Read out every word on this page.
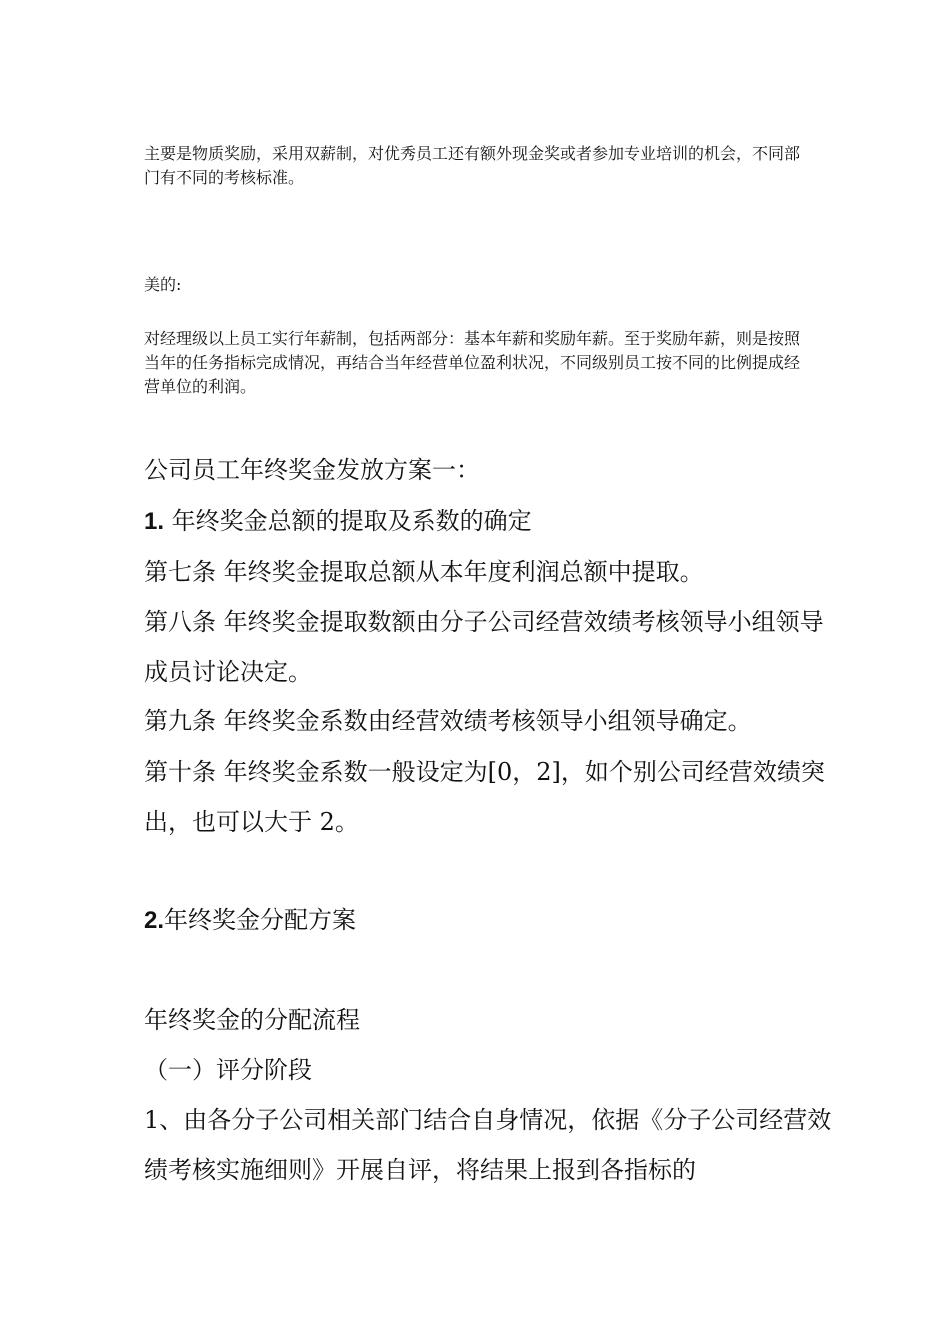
主要是物质奖励，采用双薪制，对优秀员工还有额外现金奖或者参加专业培训的机会，不同部门有不同的考核标准。

美的:

对经理级以上员工实行年薪制，包括两部分：基本年薪和奖励年薪。至于奖励年薪，则是按照当年的任务指标完成情况，再结合当年经营单位盈利状况，不同级别员工按不同的比例提成经营单位的利润。

公司员工年终奖金发放方案一：

1. 年终奖金总额的提取及系数的确定

第七条 年终奖金提取总额从本年度利润总额中提取。

第八条 年终奖金提取数额由分子公司经营效绩考核领导小组领导成员讨论决定。

第九条 年终奖金系数由经营效绩考核领导小组领导确定。

第十条 年终奖金系数一般设定为[0，2]，如个别公司经营效绩突出，也可以大于 2。

2.年终奖金分配方案

年终奖金的分配流程

（一）评分阶段

1、由各分子公司相关部门结合自身情况，依据《分子公司经营效绩考核实施细则》开展自评，将结果上报到各指标的
